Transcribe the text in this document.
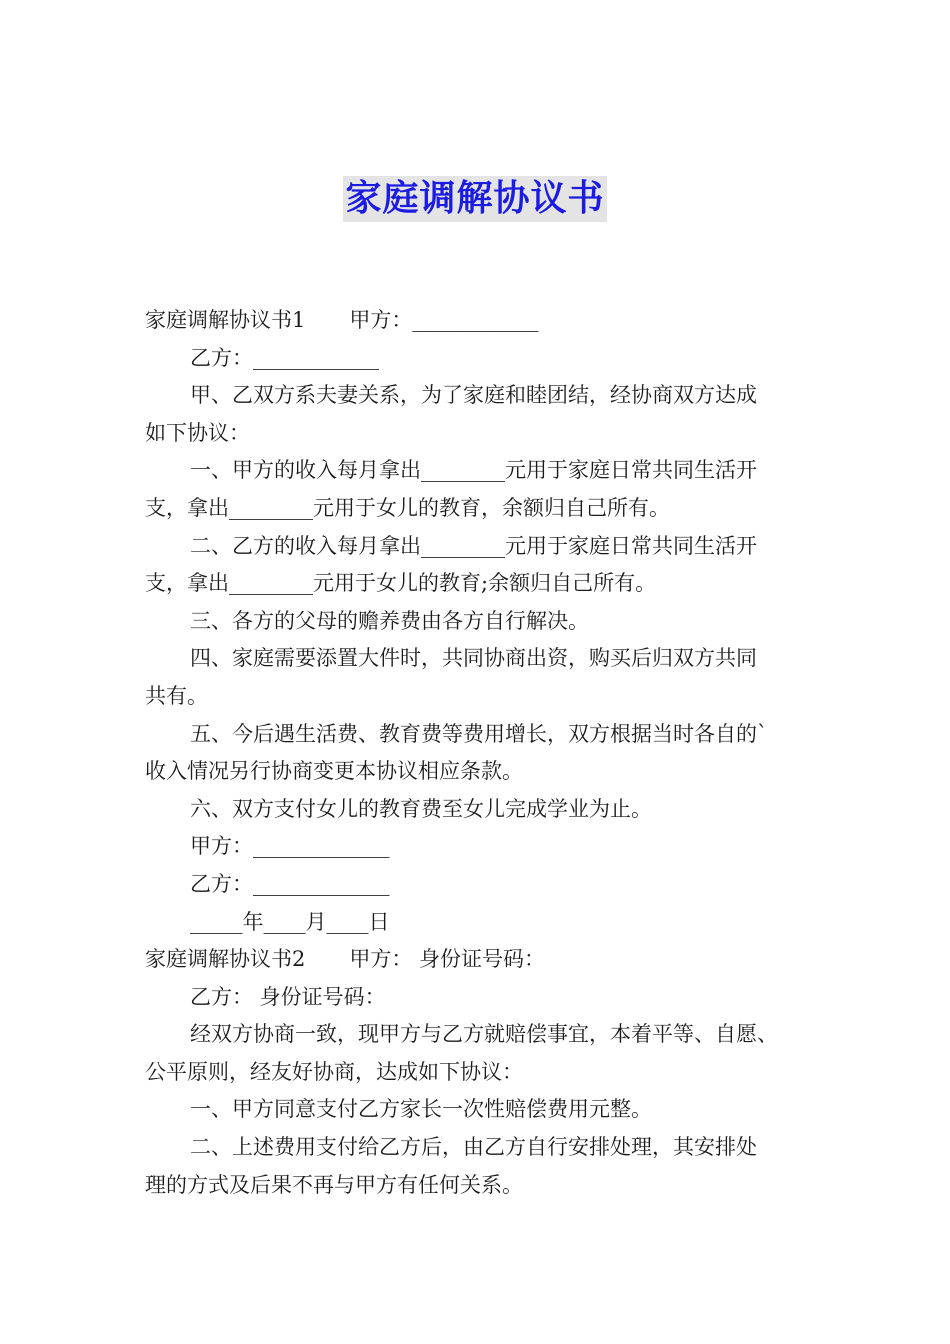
家庭调解协议书
家庭调解协议书1 甲方：____________
乙方：____________
甲、乙双方系夫妻关系，为了家庭和睦团结，经协商双方达成
如下协议：
一、甲方的收入每月拿出________元用于家庭日常共同生活开
支，拿出________元用于女儿的教育，余额归自己所有。
二、乙方的收入每月拿出________元用于家庭日常共同生活开
支，拿出________元用于女儿的教育;余额归自己所有。
三、各方的父母的赡养费由各方自行解决。
四、家庭需要添置大件时，共同协商出资，购买后归双方共同
共有。
五、今后遇生活费、教育费等费用增长，双方根据当时各自的`
收入情况另行协商变更本协议相应条款。
六、双方支付女儿的教育费至女儿完成学业为止。
甲方：_____________
乙方：_____________
_____年____月____日
家庭调解协议书2 甲方： 身份证号码：
乙方： 身份证号码：
经双方协商一致，现甲方与乙方就赔偿事宜，本着平等、自愿、
公平原则，经友好协商，达成如下协议：
一、甲方同意支付乙方家长一次性赔偿费用元整。
二、上述费用支付给乙方后，由乙方自行安排处理，其安排处
理的方式及后果不再与甲方有任何关系。
